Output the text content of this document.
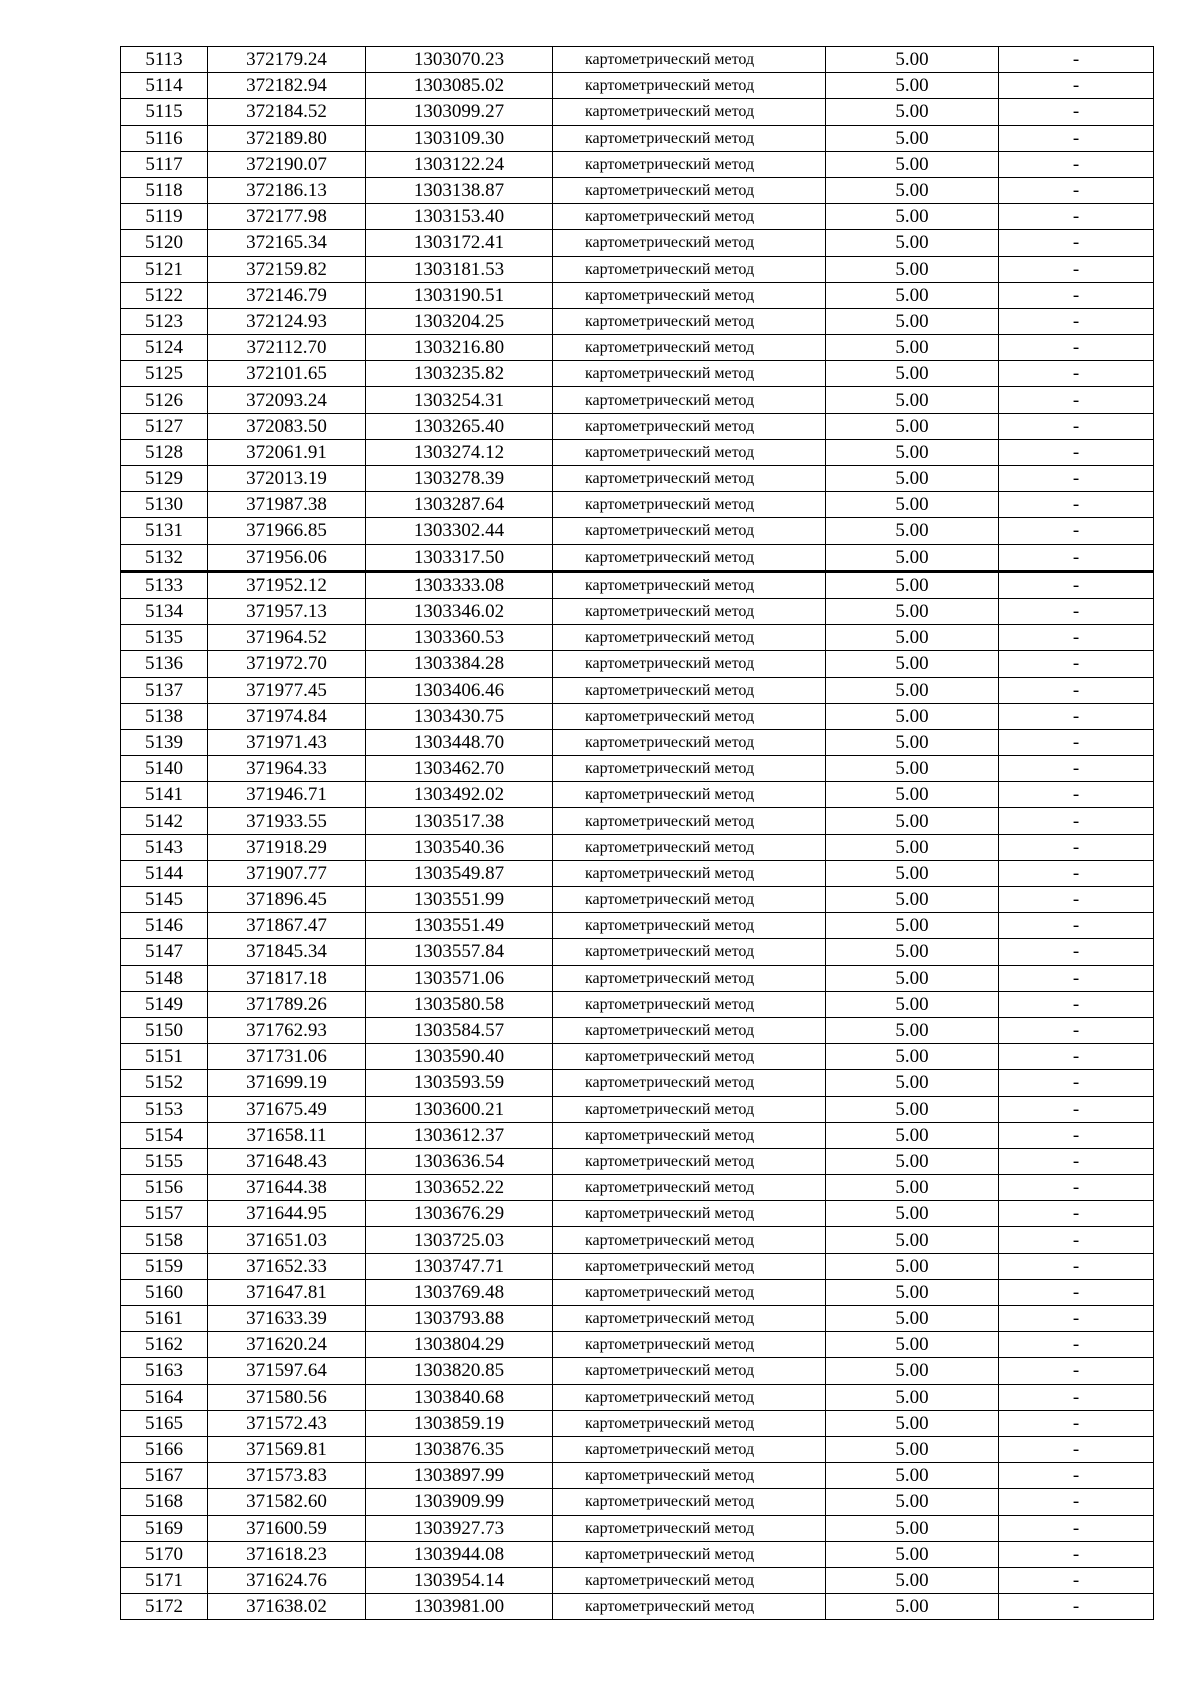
5113	372179.24	1303070.23	картометрический метод	5.00	-
5114	372182.94	1303085.02	картометрический метод	5.00	-
5115	372184.52	1303099.27	картометрический метод	5.00	-
5116	372189.80	1303109.30	картометрический метод	5.00	-
5117	372190.07	1303122.24	картометрический метод	5.00	-
5118	372186.13	1303138.87	картометрический метод	5.00	-
5119	372177.98	1303153.40	картометрический метод	5.00	-
5120	372165.34	1303172.41	картометрический метод	5.00	-
5121	372159.82	1303181.53	картометрический метод	5.00	-
5122	372146.79	1303190.51	картометрический метод	5.00	-
5123	372124.93	1303204.25	картометрический метод	5.00	-
5124	372112.70	1303216.80	картометрический метод	5.00	-
5125	372101.65	1303235.82	картометрический метод	5.00	-
5126	372093.24	1303254.31	картометрический метод	5.00	-
5127	372083.50	1303265.40	картометрический метод	5.00	-
5128	372061.91	1303274.12	картометрический метод	5.00	-
5129	372013.19	1303278.39	картометрический метод	5.00	-
5130	371987.38	1303287.64	картометрический метод	5.00	-
5131	371966.85	1303302.44	картометрический метод	5.00	-
5132	371956.06	1303317.50	картометрический метод	5.00	-
5133	371952.12	1303333.08	картометрический метод	5.00	-
5134	371957.13	1303346.02	картометрический метод	5.00	-
5135	371964.52	1303360.53	картометрический метод	5.00	-
5136	371972.70	1303384.28	картометрический метод	5.00	-
5137	371977.45	1303406.46	картометрический метод	5.00	-
5138	371974.84	1303430.75	картометрический метод	5.00	-
5139	371971.43	1303448.70	картометрический метод	5.00	-
5140	371964.33	1303462.70	картометрический метод	5.00	-
5141	371946.71	1303492.02	картометрический метод	5.00	-
5142	371933.55	1303517.38	картометрический метод	5.00	-
5143	371918.29	1303540.36	картометрический метод	5.00	-
5144	371907.77	1303549.87	картометрический метод	5.00	-
5145	371896.45	1303551.99	картометрический метод	5.00	-
5146	371867.47	1303551.49	картометрический метод	5.00	-
5147	371845.34	1303557.84	картометрический метод	5.00	-
5148	371817.18	1303571.06	картометрический метод	5.00	-
5149	371789.26	1303580.58	картометрический метод	5.00	-
5150	371762.93	1303584.57	картометрический метод	5.00	-
5151	371731.06	1303590.40	картометрический метод	5.00	-
5152	371699.19	1303593.59	картометрический метод	5.00	-
5153	371675.49	1303600.21	картометрический метод	5.00	-
5154	371658.11	1303612.37	картометрический метод	5.00	-
5155	371648.43	1303636.54	картометрический метод	5.00	-
5156	371644.38	1303652.22	картометрический метод	5.00	-
5157	371644.95	1303676.29	картометрический метод	5.00	-
5158	371651.03	1303725.03	картометрический метод	5.00	-
5159	371652.33	1303747.71	картометрический метод	5.00	-
5160	371647.81	1303769.48	картометрический метод	5.00	-
5161	371633.39	1303793.88	картометрический метод	5.00	-
5162	371620.24	1303804.29	картометрический метод	5.00	-
5163	371597.64	1303820.85	картометрический метод	5.00	-
5164	371580.56	1303840.68	картометрический метод	5.00	-
5165	371572.43	1303859.19	картометрический метод	5.00	-
5166	371569.81	1303876.35	картометрический метод	5.00	-
5167	371573.83	1303897.99	картометрический метод	5.00	-
5168	371582.60	1303909.99	картометрический метод	5.00	-
5169	371600.59	1303927.73	картометрический метод	5.00	-
5170	371618.23	1303944.08	картометрический метод	5.00	-
5171	371624.76	1303954.14	картометрический метод	5.00	-
5172	371638.02	1303981.00	картометрический метод	5.00	-
